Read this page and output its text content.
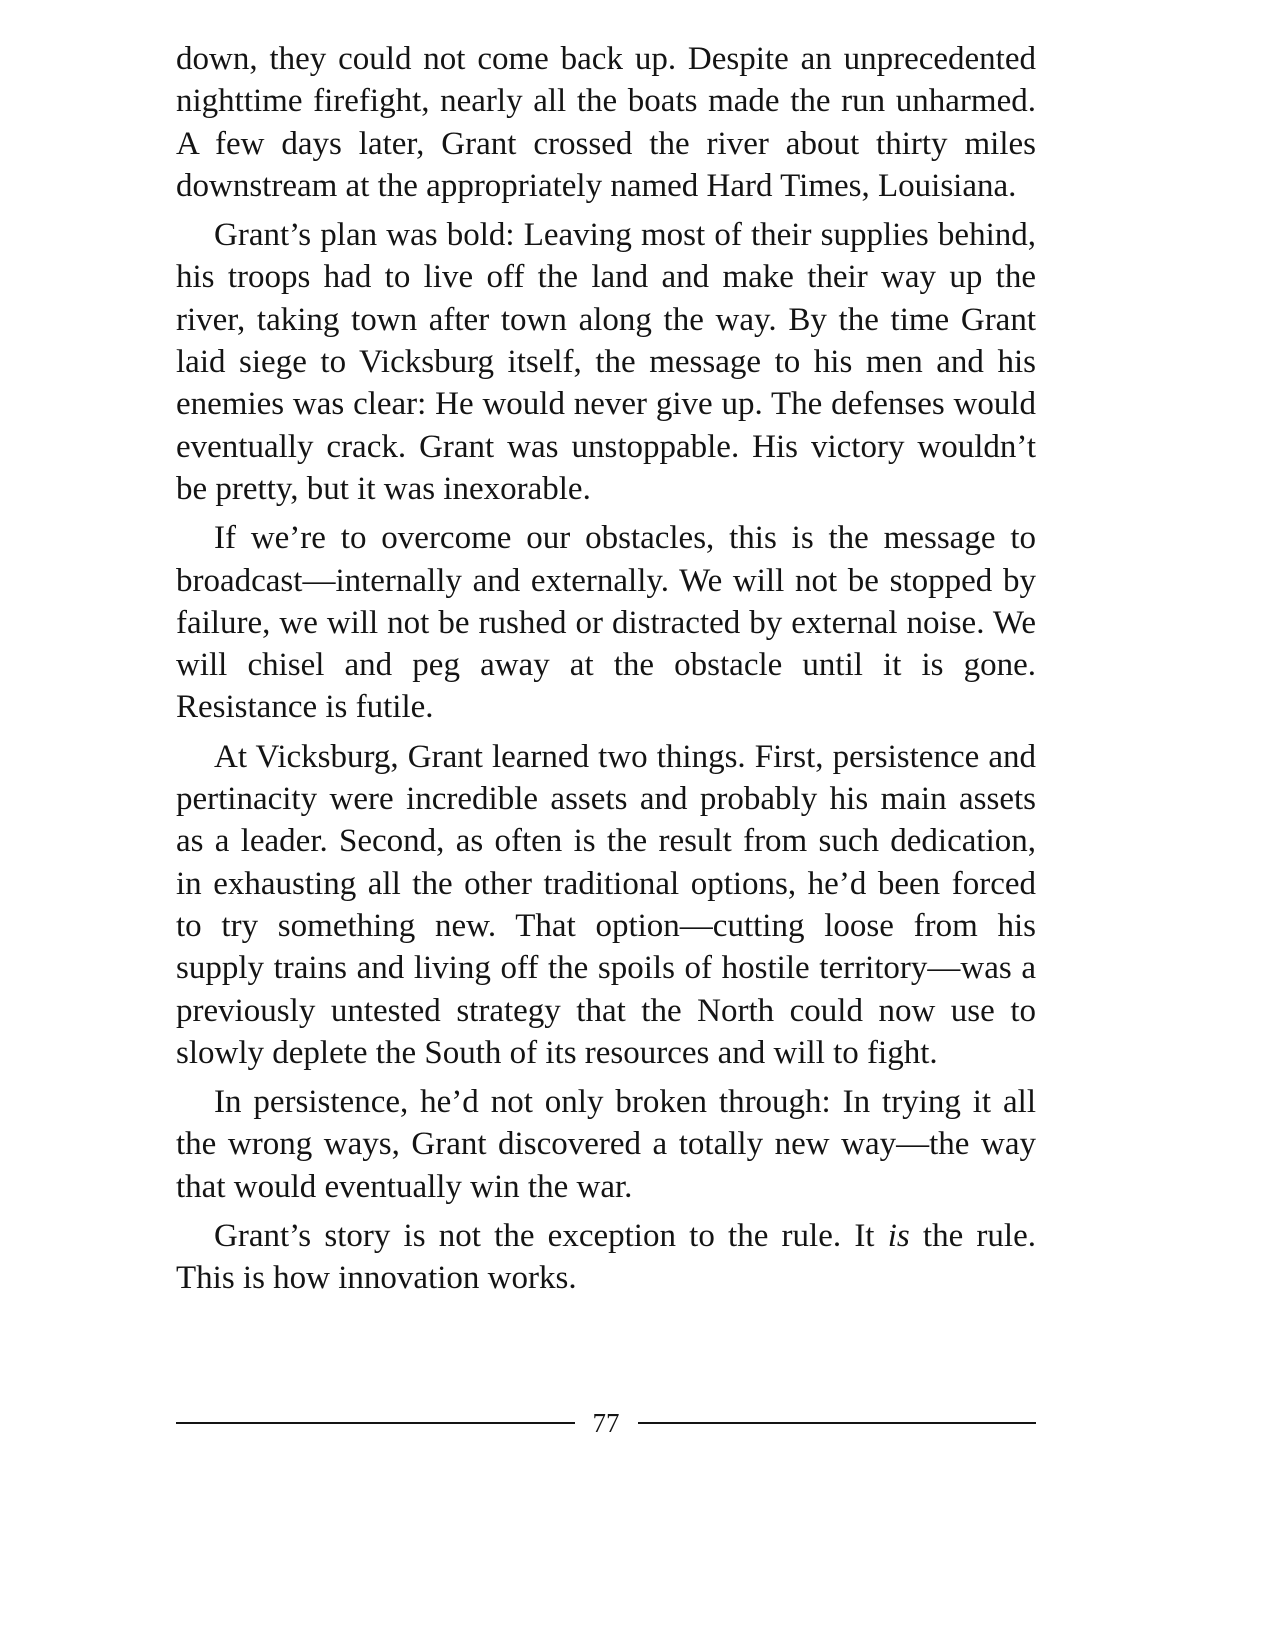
down, they could not come back up. Despite an unprecedented nighttime firefight, nearly all the boats made the run unharmed. A few days later, Grant crossed the river about thirty miles downstream at the appropriately named Hard Times, Louisiana.

Grant’s plan was bold: Leaving most of their supplies behind, his troops had to live off the land and make their way up the river, taking town after town along the way. By the time Grant laid siege to Vicksburg itself, the message to his men and his enemies was clear: He would never give up. The defenses would eventually crack. Grant was unstoppable. His victory wouldn’t be pretty, but it was inexorable.

If we’re to overcome our obstacles, this is the message to broadcast—internally and externally. We will not be stopped by failure, we will not be rushed or distracted by external noise. We will chisel and peg away at the obstacle until it is gone. Resistance is futile.

At Vicksburg, Grant learned two things. First, persistence and pertinacity were incredible assets and probably his main assets as a leader. Second, as often is the result from such dedication, in exhausting all the other traditional options, he’d been forced to try something new. That option—cutting loose from his supply trains and living off the spoils of hostile territory—was a previously untested strategy that the North could now use to slowly deplete the South of its resources and will to fight.

In persistence, he’d not only broken through: In trying it all the wrong ways, Grant discovered a totally new way—the way that would eventually win the war.

Grant’s story is not the exception to the rule. It is the rule. This is how innovation works.

77
